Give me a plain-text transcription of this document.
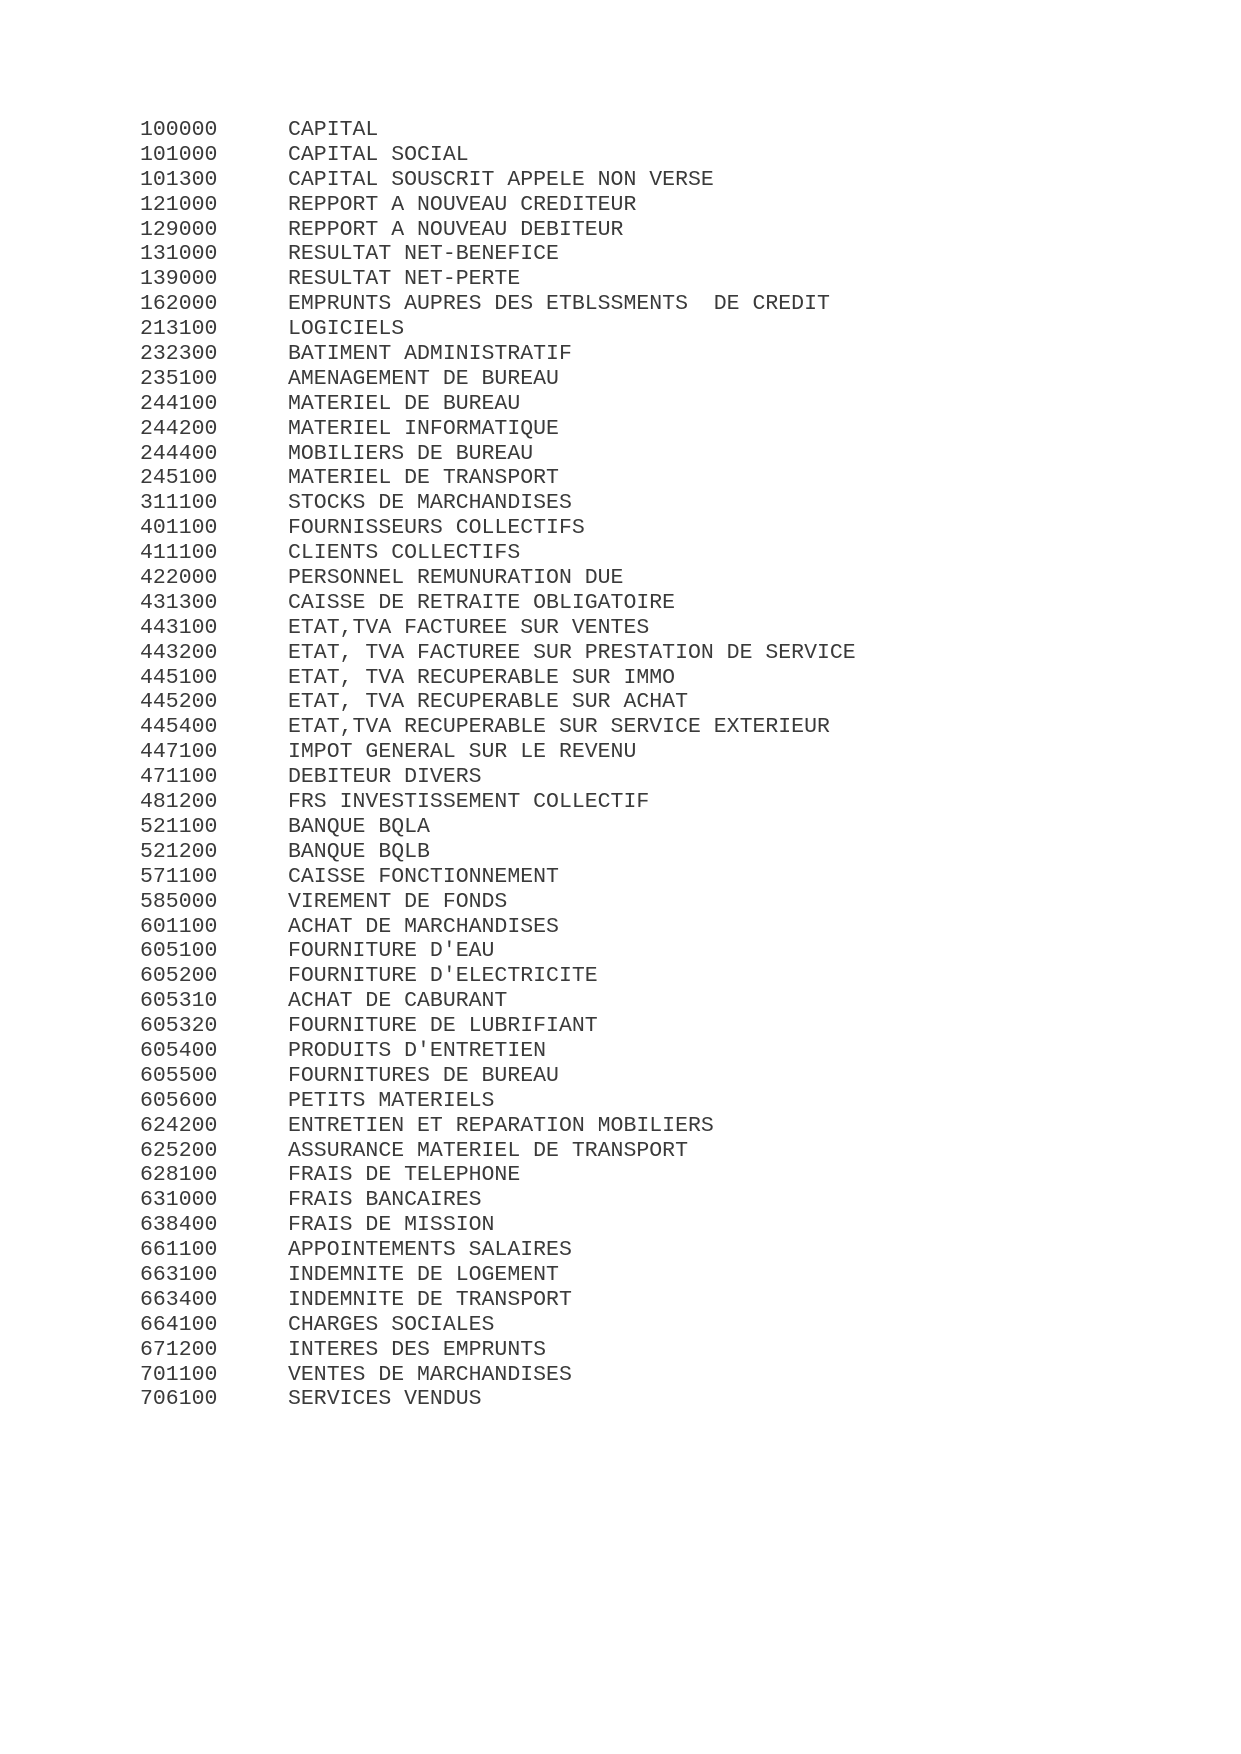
100000	CAPITAL
101000	CAPITAL SOCIAL
101300	CAPITAL SOUSCRIT APPELE NON VERSE
121000	REPPORT A NOUVEAU CREDITEUR
129000	REPPORT A NOUVEAU DEBITEUR
131000	RESULTAT NET-BENEFICE
139000	RESULTAT NET-PERTE
162000	EMPRUNTS AUPRES DES ETBLSSMENTS  DE CREDIT
213100	LOGICIELS
232300	BATIMENT ADMINISTRATIF
235100	AMENAGEMENT DE BUREAU
244100	MATERIEL DE BUREAU
244200	MATERIEL INFORMATIQUE
244400	MOBILIERS DE BUREAU
245100	MATERIEL DE TRANSPORT
311100	STOCKS DE MARCHANDISES
401100	FOURNISSEURS COLLECTIFS
411100	CLIENTS COLLECTIFS
422000	PERSONNEL REMUNURATION DUE
431300	CAISSE DE RETRAITE OBLIGATOIRE
443100	ETAT,TVA FACTUREE SUR VENTES
443200	ETAT, TVA FACTUREE SUR PRESTATION DE SERVICE
445100	ETAT, TVA RECUPERABLE SUR IMMO
445200	ETAT, TVA RECUPERABLE SUR ACHAT
445400	ETAT,TVA RECUPERABLE SUR SERVICE EXTERIEUR
447100	IMPOT GENERAL SUR LE REVENU
471100	DEBITEUR DIVERS
481200	FRS INVESTISSEMENT COLLECTIF
521100	BANQUE BQLA
521200	BANQUE BQLB
571100	CAISSE FONCTIONNEMENT
585000	VIREMENT DE FONDS
601100	ACHAT DE MARCHANDISES
605100	FOURNITURE D'EAU
605200	FOURNITURE D'ELECTRICITE
605310	ACHAT DE CABURANT
605320	FOURNITURE DE LUBRIFIANT
605400	PRODUITS D'ENTRETIEN
605500	FOURNITURES DE BUREAU
605600	PETITS MATERIELS
624200	ENTRETIEN ET REPARATION MOBILIERS
625200	ASSURANCE MATERIEL DE TRANSPORT
628100	FRAIS DE TELEPHONE
631000	FRAIS BANCAIRES
638400	FRAIS DE MISSION
661100	APPOINTEMENTS SALAIRES
663100	INDEMNITE DE LOGEMENT
663400	INDEMNITE DE TRANSPORT
664100	CHARGES SOCIALES
671200	INTERES DES EMPRUNTS
701100	VENTES DE MARCHANDISES
706100	SERVICES VENDUS
